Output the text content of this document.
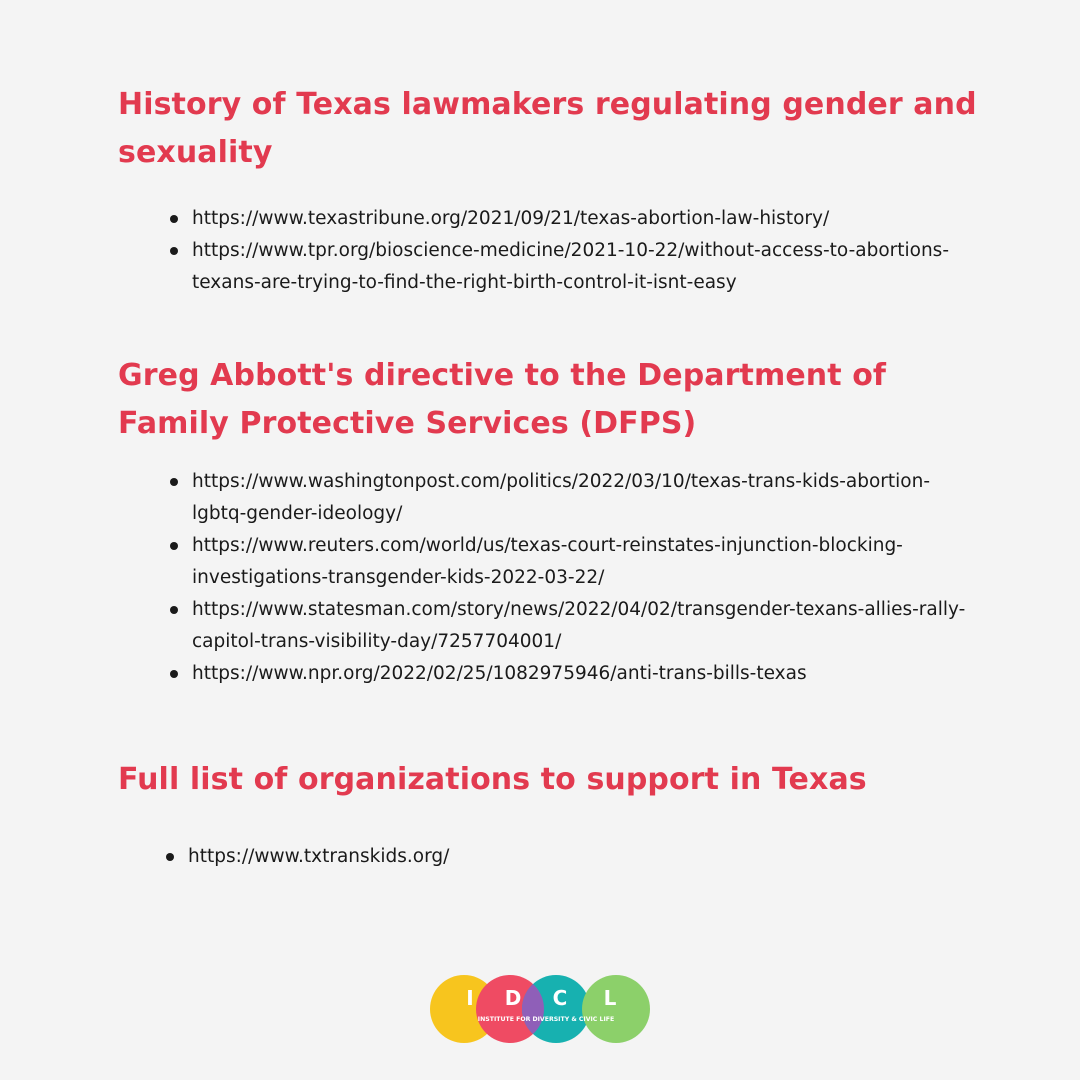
History of Texas lawmakers regulating gender and sexuality
https://www.texastribune.org/2021/09/21/texas-abortion-law-history/
https://www.tpr.org/bioscience-medicine/2021-10-22/without-access-to-abortions-texans-are-trying-to-find-the-right-birth-control-it-isnt-easy
Greg Abbott's directive to the Department of Family Protective Services (DFPS)
https://www.washingtonpost.com/politics/2022/03/10/texas-trans-kids-abortion-lgbtq-gender-ideology/
https://www.reuters.com/world/us/texas-court-reinstates-injunction-blocking-investigations-transgender-kids-2022-03-22/
https://www.statesman.com/story/news/2022/04/02/transgender-texans-allies-rally-capitol-trans-visibility-day/7257704001/
https://www.npr.org/2022/02/25/1082975946/anti-trans-bills-texas
Full list of organizations to support in Texas
https://www.txtranskids.org/
I D C L
INSTITUTE FOR DIVERSITY & CIVIC LIFE
